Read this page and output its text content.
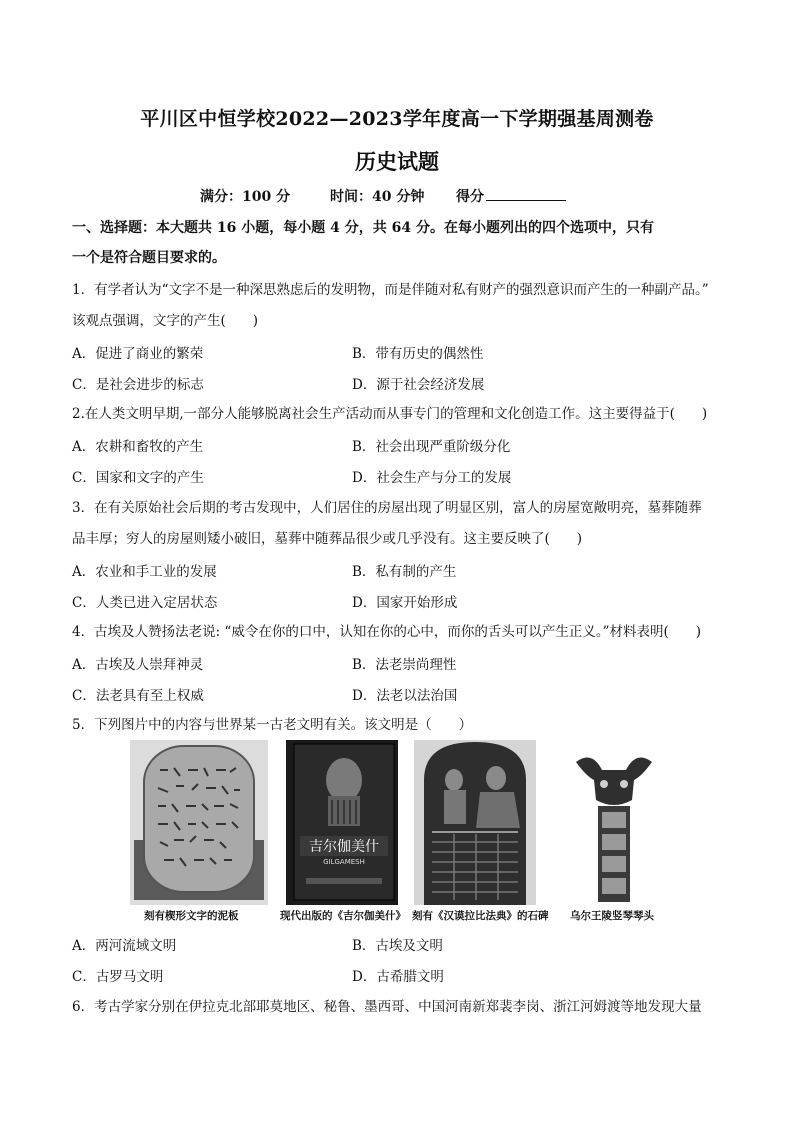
平川区中恒学校2022—2023学年度高一下学期强基周测卷
历史试题
满分：100 分	时间：40 分钟	得分
一、选择题：本大题共 16 小题，每小题 4 分，共 64 分。在每小题列出的四个选项中，只有
一个是符合题目要求的。
1．有学者认为“文字不是一种深思熟虑后的发明物，而是伴随对私有财产的强烈意识而产生的一种副产品。”
该观点强调，文字的产生(　　)
A．促进了商业的繁荣	B．带有历史的偶然性
C．是社会进步的标志	D．源于社会经济发展
2.在人类文明早期,一部分人能够脱离社会生产活动而从事专门的管理和文化创造工作。这主要得益于(　　)
A．农耕和畜牧的产生	B．社会出现严重阶级分化
C．国家和文字的产生	D．社会生产与分工的发展
3．在有关原始社会后期的考古发现中，人们居住的房屋出现了明显区别，富人的房屋宽敞明亮，墓葬随葬
品丰厚；穷人的房屋则矮小破旧，墓葬中随葬品很少或几乎没有。这主要反映了(　　)
A．农业和手工业的发展	B．私有制的产生
C．人类已进入定居状态	D．国家开始形成
4．古埃及人赞扬法老说: “威令在你的口中，认知在你的心中，而你的舌头可以产生正义。”材料表明(　　)
A．古埃及人崇拜神灵	B．法老崇尚理性
C．法老具有至上权威	D．法老以法治国
5．下列图片中的内容与世界某一古老文明有关。该文明是（　　）
吉尔伽美什
GILGAMESH
刻有楔形文字的泥板	现代出版的《吉尔伽美什》 刻有《汉谟拉比法典》的石碑 乌尔王陵竖琴琴头
A．两河流域文明	B．古埃及文明
C．古罗马文明	D．古希腊文明
6．考古学家分别在伊拉克北部耶莫地区、秘鲁、墨西哥、中国河南新郑裴李岗、浙江河姆渡等地发现大量
